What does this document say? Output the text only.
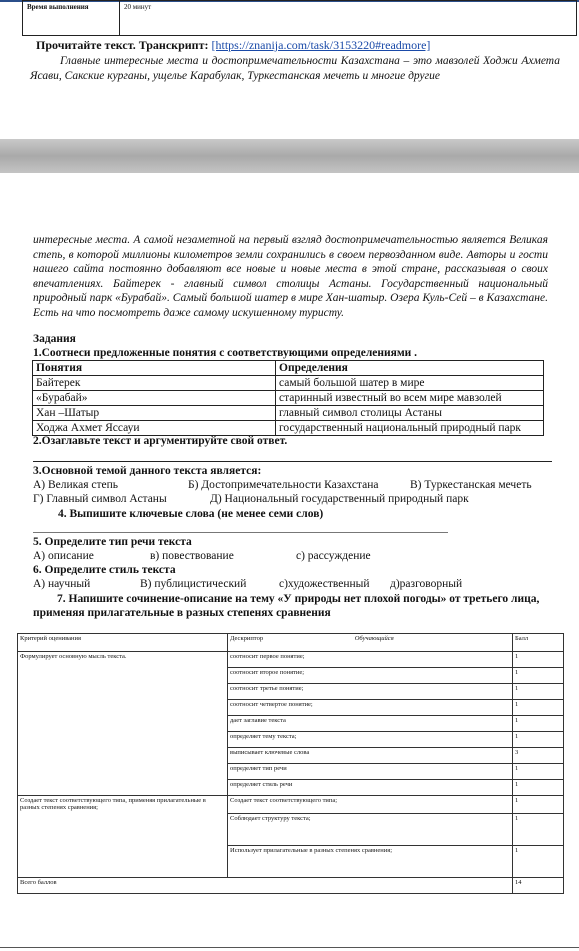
Время выполнения	20 минут
Прочитайте текст. Транскрипт: [https://znanija.com/task/3153220#readmore]
Главные интересные места и достопримечательности Казахстана – это мавзолей Ходжи Ахмета Ясави, Сакские курганы, ущелье Карабулак, Туркестанская мечеть и многие другие
интересные места. А самой незаметной на первый взгляд достопримечательностью является Великая степь, в которой миллионы километров земли сохранились в своем первозданном виде. Авторы и гости нашего сайта постоянно добавляют все новые и новые места в этой стране, рассказывая о своих впечатлениях. Байтерек - главный символ столицы Астаны. Государственный национальный природный парк «Бурабай». Самый большой шатер в мире Хан-шатыр. Озера Куль-Сей – в Казахстане. Есть на что посмотреть даже самому искушенному туристу.
Задания
1.Соотнеси предложенные понятия с соответствующими определениями .
Понятия	Определения
Байтерек	самый большой шатер в мире
«Бурабай»	старинный известный во всем мире мавзолей
Хан –Шатыр	главный символ столицы Астаны
Ходжа Ахмет Яссауи	государственный национальный природный парк
2.Озаглавьте текст и аргументируйте свой ответ.
3.Основной темой данного текста является:
А) Великая степь	Б) Достопримечательности Казахстана	В) Туркестанская мечеть
Г) Главный символ Астаны	Д) Национальный государственный природный парк
4. Выпишите ключевые слова (не менее семи слов)
5. Определите тип речи текста
А) описание	в) повествование	с) рассуждение
6. Определите стиль текста
А) научный	В) публицистический	с)художественный д)разговорный
7. Напишите сочинение-описание на тему «У природы нет плохой погоды» от третьего лица, применяя прилагательные в разных степенях сравнения
Критерий оценивания	Дескриптор Обучающийся	Балл
Формулирует основную мысль текста.	соотносит первое понятие;	1
	соотносит второе понятие;	1
	соотносит третье понятие;	1
	соотносит четвертое понятие;	1
	дает заглавие текста	1
	определяет тему текста;	1
	выписывает ключевые слова	3
	определяет тип речи	1
	определяет стиль речи	1
Создает текст соответствующего типа, применяя прилагательные в разных степенях сравнения;	Создает текст соответствующего типа;	1
	Соблюдает структуру текста;	1
	Использует прилагательные в разных степенях сравнения;	1
Всего баллов		14
